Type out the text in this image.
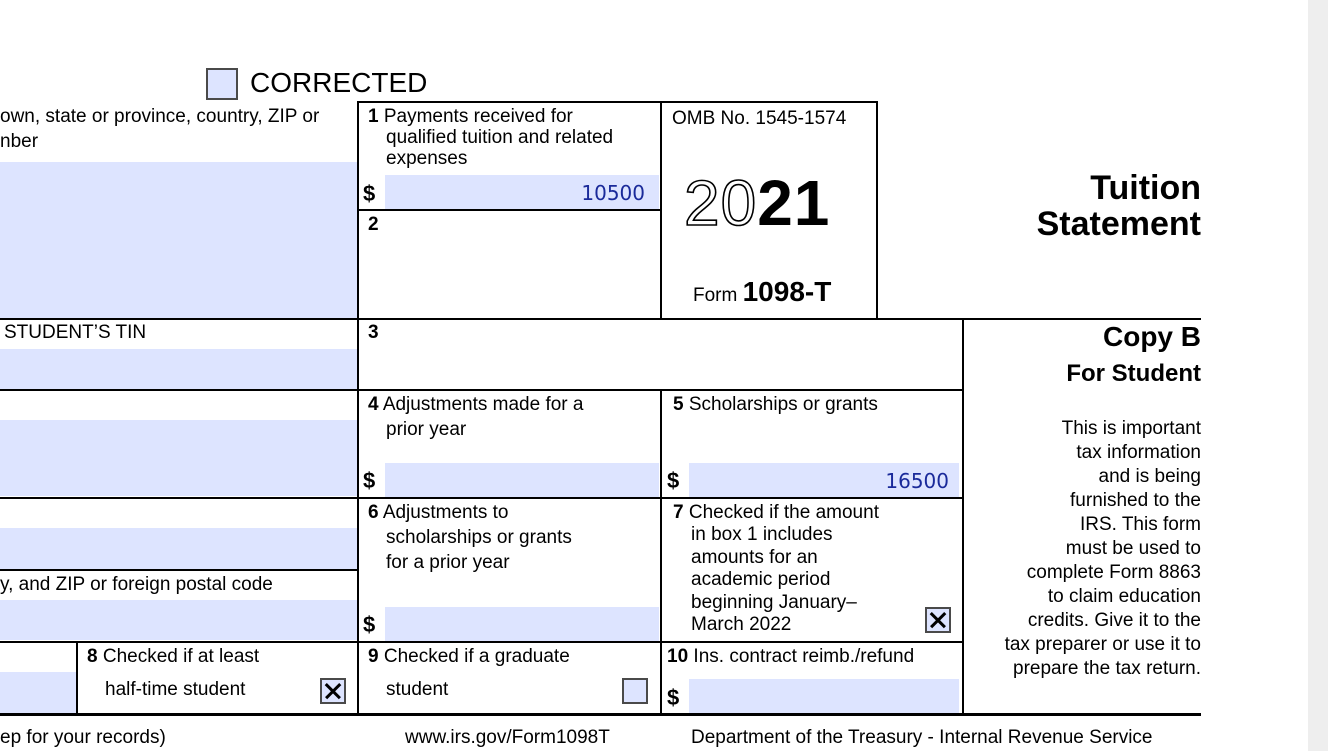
CORRECTED
own, state or province, country, ZIP or
nber
STUDENT’S TIN
y, and ZIP or foreign postal code
1 Payments received for
qualified tuition and related
expenses
$	10500
2
OMB No. 1545-1574
2021
Form 1098-T
Tuition
Statement
Copy B
For Student
This is important
tax information
and is being
furnished to the
IRS. This form
must be used to
complete Form 8863
to claim education
credits. Give it to the
tax preparer or use it to
prepare the tax return.
3
4 Adjustments made for a
prior year
$
5 Scholarships or grants
$	16500
6 Adjustments to
scholarships or grants
for a prior year
$
7 Checked if the amount
in box 1 includes
amounts for an
academic period
beginning January–
March 2022
8 Checked if at least
half-time student
9 Checked if a graduate
student
10 Ins. contract reimb./refund
$
ep for your records)	www.irs.gov/Form1098T	Department of the Treasury - Internal Revenue Service
